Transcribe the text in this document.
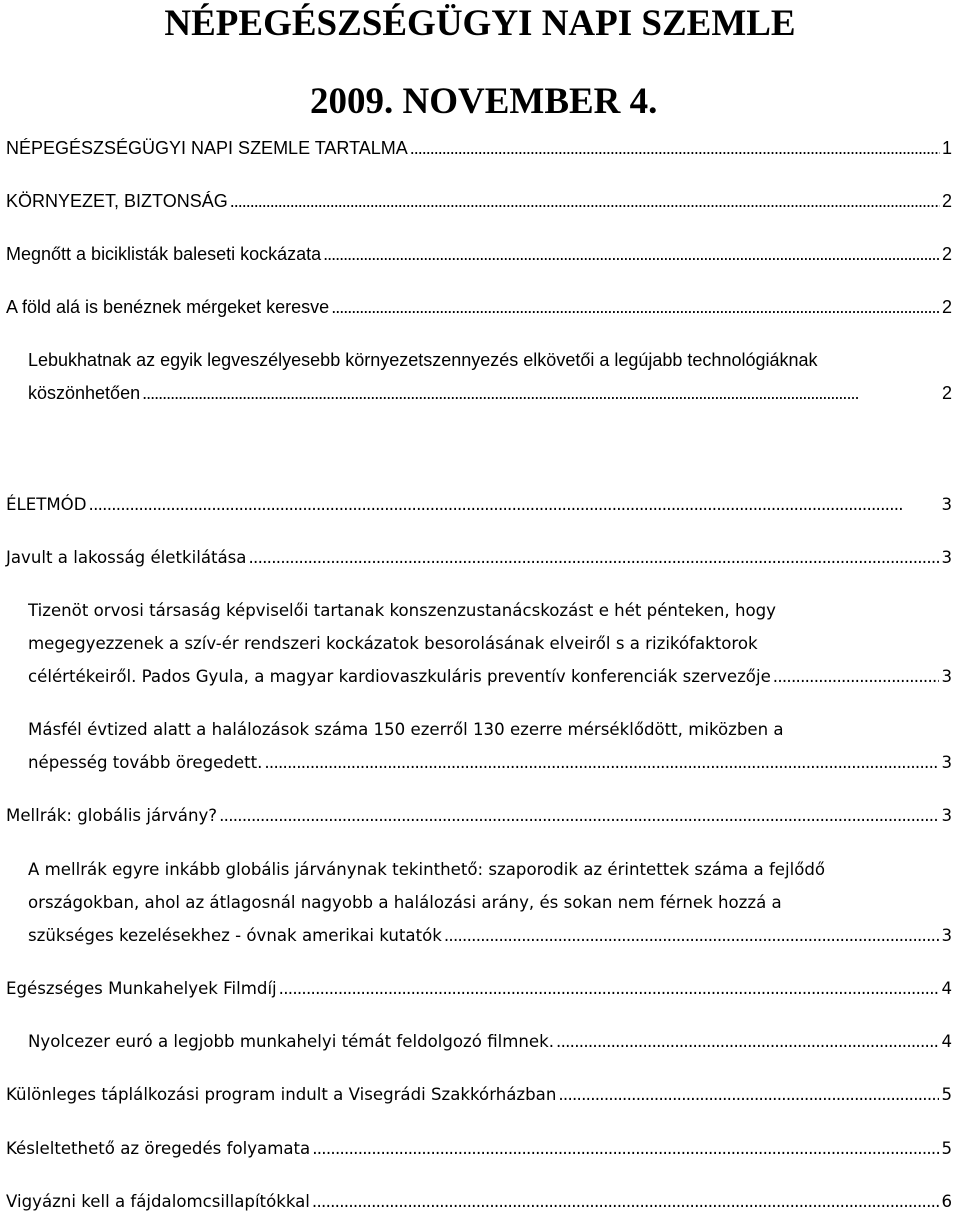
NÉPEGÉSZSÉGÜGYI NAPI SZEMLE
2009. NOVEMBER 4.
NÉPEGÉSZSÉGÜGYI NAPI SZEMLE TARTALMA . . .	1
KÖRNYEZET, BIZTONSÁG . . .	2
Megnőtt a biciklisták baleseti kockázata . . .	2
A föld alá is benéznek mérgeket keresve . . .	2
Lebukhatnak az egyik legveszélyesebb környezetszennyezés elkövetői a legújabb technológiáknak
köszönhetően . . .	2
ÉLETMÓD . . .	3
Javult a lakosság életkilátása . . .	3
Tizenöt orvosi társaság képviselői tartanak konszenzustanácskozást e hét pénteken, hogy
megegyezzenek a szív-ér rendszeri kockázatok besorolásának elveiről s a rizikófaktorok
célértékeiről. Pados Gyula, a magyar kardiovaszkuláris preventív konferenciák szervezője . . .	3
Másfél évtized alatt a halálozások száma 150 ezerről 130 ezerre mérséklődött, miközben a
népesség tovább öregedett. . . .	3
Mellrák: globális járvány? . . .	3
A mellrák egyre inkább globális járványnak tekinthető: szaporodik az érintettek száma a fejlődő
országokban, ahol az átlagosnál nagyobb a halálozási arány, és sokan nem férnek hozzá a
szükséges kezelésekhez - óvnak amerikai kutatók . . .	3
Egészséges Munkahelyek Filmdíj . . .	4
Nyolcezer euró a legjobb munkahelyi témát feldolgozó filmnek. . . .	4
Különleges táplálkozási program indult a Visegrádi Szakkórházban . . .	5
Késleltethető az öregedés folyamata . . .	5
Vigyázni kell a fájdalomcsillapítókkal . . .	6
